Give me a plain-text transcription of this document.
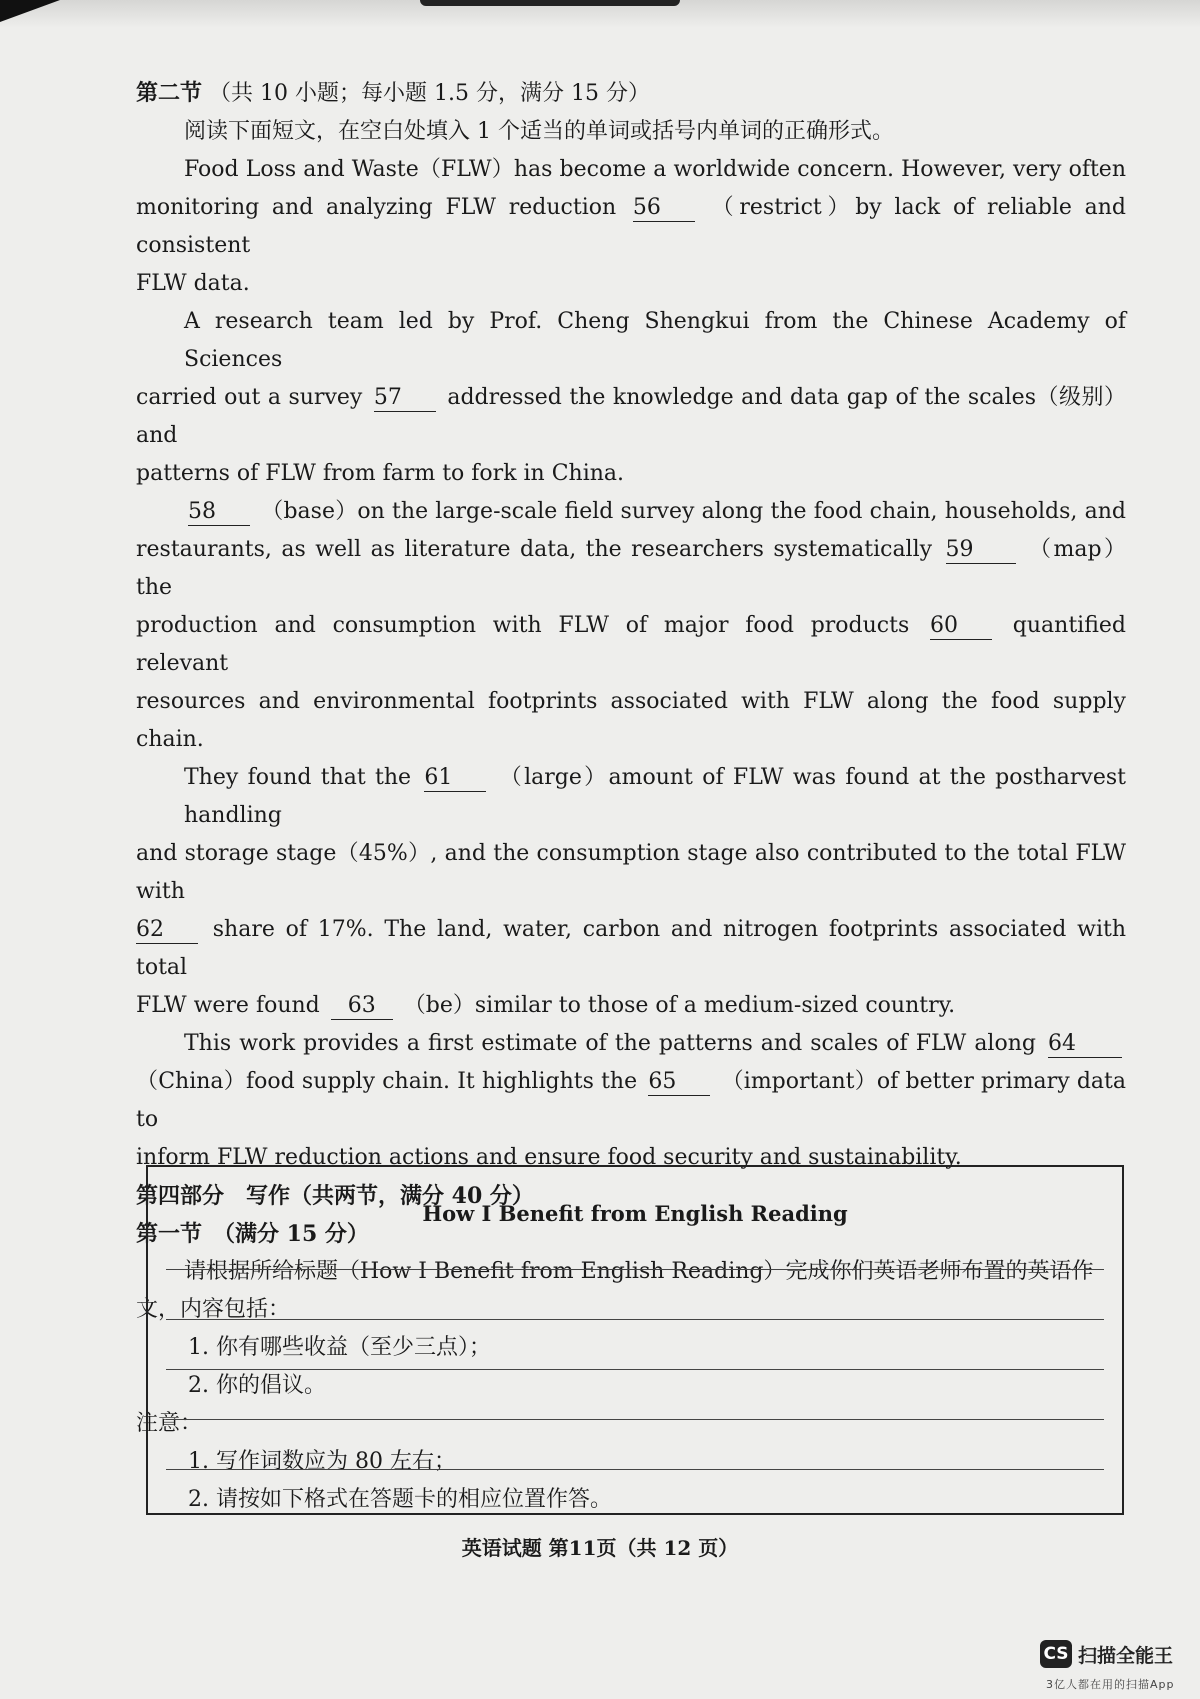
第二节 （共 10 小题；每小题 1.5 分，满分 15 分）
阅读下面短文，在空白处填入 1 个适当的单词或括号内单词的正确形式。
Food Loss and Waste（FLW）has become a worldwide concern. However, very often
monitoring and analyzing FLW reduction 56 （restrict）by lack of reliable and consistent
FLW data.
A research team led by Prof. Cheng Shengkui from the Chinese Academy of Sciences
carried out a survey 57 addressed the knowledge and data gap of the scales（级别）and
patterns of FLW from farm to fork in China.
58 （base）on the large-scale field survey along the food chain, households, and
restaurants, as well as literature data, the researchers systematically 59	（map）the
production and consumption with FLW of major food products 60 quantified relevant
resources and environmental footprints associated with FLW along the food supply chain.
They found that the 61 （large）amount of FLW was found at the postharvest handling
and storage stage（45%）, and the consumption stage also contributed to the total FLW with
62 share of 17%. The land, water, carbon and nitrogen footprints associated with total
FLW were found 63 （be）similar to those of a medium-sized country.
This work provides a first estimate of the patterns and scales of FLW along 64
（China）food supply chain. It highlights the 65 （important）of better primary data to
inform FLW reduction actions and ensure food security and sustainability.
第四部分　写作（共两节，满分 40 分）
第一节　（满分 15 分）
请根据所给标题（How I Benefit from English Reading）完成你们英语老师布置的英语作
文，内容包括：
1. 你有哪些收益（至少三点）；
2. 你的倡议。
注意：
1. 写作词数应为 80 左右；
2. 请按如下格式在答题卡的相应位置作答。
How I Benefit from English Reading
英语试题 第11页（共 12 页）
CS 扫描全能王
3亿人都在用的扫描App
